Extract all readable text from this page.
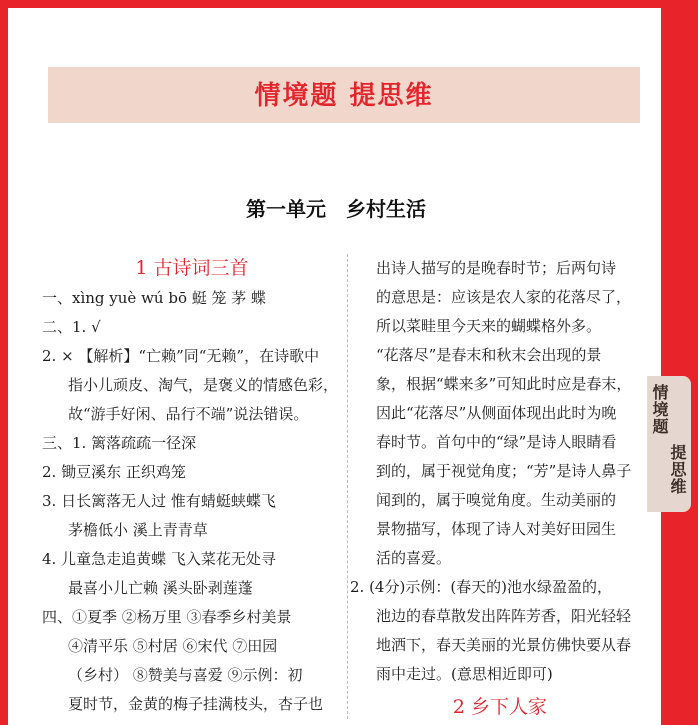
情境题
提思维
情境题 提思维
第一单元　乡村生活
1 古诗词三首
一、xìng yuè wú bō 蜓 笼 茅 蝶
二、1. √
2. × 【解析】“亡赖”同“无赖”，在诗歌中
指小儿顽皮、淘气，是褒义的情感色彩，
故“游手好闲、品行不端”说法错误。
三、1. 篱落疏疏一径深
2. 锄豆溪东 正织鸡笼
3. 日长篱落无人过 惟有蜻蜓蛱蝶飞
茅檐低小 溪上青青草
4. 儿童急走追黄蝶 飞入菜花无处寻
最喜小儿亡赖 溪头卧剥莲蓬
四、①夏季 ②杨万里 ③春季乡村美景
④清平乐 ⑤村居 ⑥宋代 ⑦田园
（乡村） ⑧赞美与喜爱 ⑨示例：初
夏时节，金黄的梅子挂满枝头，杏子也
出诗人描写的是晚春时节；后两句诗
的意思是：应该是农人家的花落尽了，
所以菜畦里今天来的蝴蝶格外多。
“花落尽”是春末和秋末会出现的景
象，根据“蝶来多”可知此时应是春末，
因此“花落尽”从侧面体现出此时为晚
春时节。首句中的“绿”是诗人眼睛看
到的，属于视觉角度；“芳”是诗人鼻子
闻到的，属于嗅觉角度。生动美丽的
景物描写，体现了诗人对美好田园生
活的喜爱。
2. (4分)示例：(春天的)池水绿盈盈的，
池边的春草散发出阵阵芳香，阳光轻轻
地洒下，春天美丽的光景仿佛快要从春
雨中走过。(意思相近即可)
2 乡下人家
